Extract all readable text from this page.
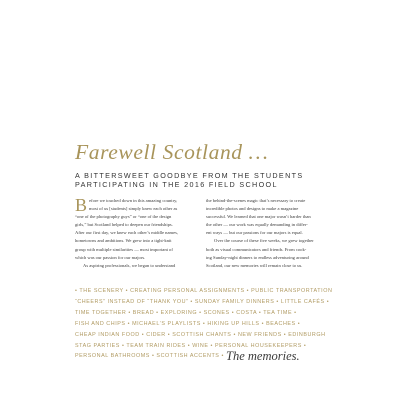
Farewell Scotland …
A BITTERSWEET GOODBYE FROM THE STUDENTS
PARTICIPATING IN THE 2016 FIELD SCHOOL
B efore we touched down in this amazing country,
most of us [students] simply knew each other as
“one of the photography guys” or “one of the design
girls,” but Scotland helped to deepen our friendships.
After our first day, we knew each other’s middle names,
hometowns and ambitions. We grew into a tight-knit
group with multiple similarities — most important of
which was our passion for our majors.
As aspiring professionals, we began to understand
the behind-the-scenes magic that’s necessary to create
incredible photos and designs to make a magazine
successful. We learned that one major wasn’t harder than
the other — our work was equally demanding in differ-
ent ways — but our passions for our majors is equal.
Over the course of these five weeks, we grew together
both as visual communicators and friends. From cook-
ing Sunday-night dinners to endless adventuring around
Scotland, our new memories will remain close to us.
• THE SCENERY • CREATING PERSONAL ASSIGNMENTS • PUBLIC TRANSPORTATION
“CHEERS” INSTEAD OF “THANK YOU” • SUNDAY FAMILY DINNERS • LITTLE CAFÉS •
TIME TOGETHER • BREAD • EXPLORING • SCONES • COSTA • TEA TIME •
FISH AND CHIPS • MICHAEL’S PLAYLISTS • HIKING UP HILLS • BEACHES •
CHEAP INDIAN FOOD • CIDER • SCOTTISH CHANTS • NEW FRIENDS • EDINBURGH
STAG PARTIES • TEAM TRAIN RIDES • WINE • PERSONAL HOUSEKEEPERS •
PERSONAL BATHROOMS • SCOTTISH ACCENTS • The memories.
